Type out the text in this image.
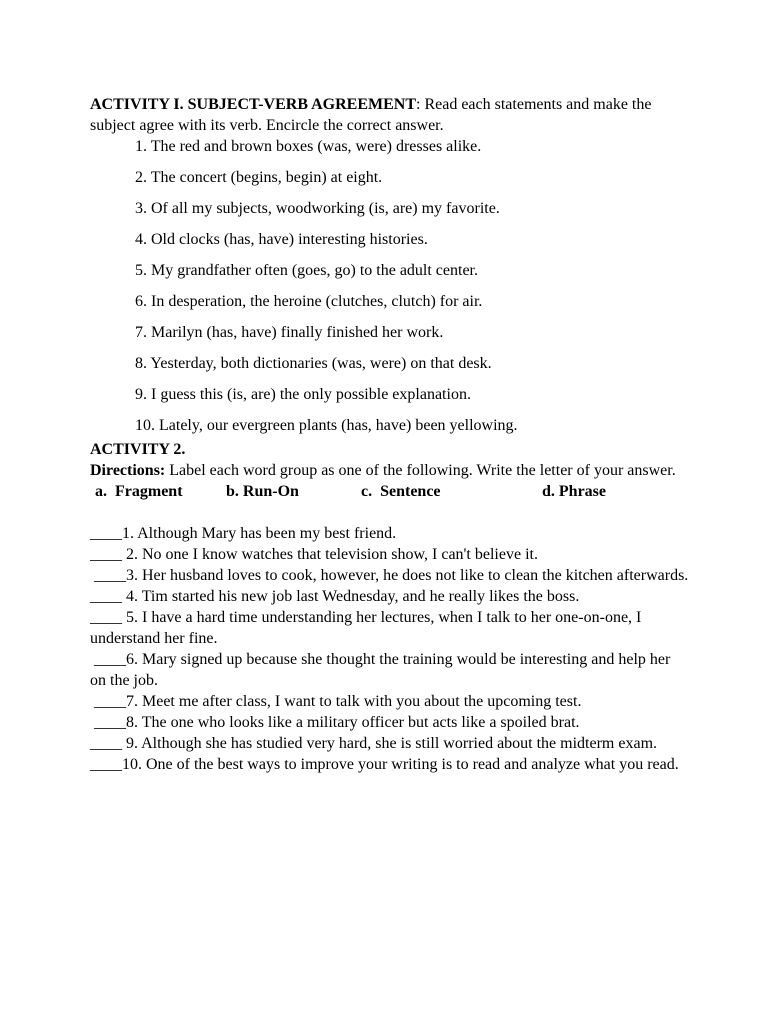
ACTIVITY I. SUBJECT-VERB AGREEMENT: Read each statements and make the subject agree with its verb. Encircle the correct answer.

1. The red and brown boxes (was, were) dresses alike.
2. The concert (begins, begin) at eight.
3. Of all my subjects, woodworking (is, are) my favorite.
4. Old clocks (has, have) interesting histories.
5. My grandfather often (goes, go) to the adult center.
6. In desperation, the heroine (clutches, clutch) for air.
7. Marilyn (has, have) finally finished her work.
8. Yesterday, both dictionaries (was, were) on that desk.
9. I guess this (is, are) the only possible explanation.
10. Lately, our evergreen plants (has, have) been yellowing.

ACTIVITY 2.

Directions: Label each word group as one of the following. Write the letter of your answer.

a.  Fragment	b. Run-On	c.  Sentence	d. Phrase
____1. Although Mary has been my best friend.
____ 2. No one I know watches that television show, I can't believe it.
____3. Her husband loves to cook, however, he does not like to clean the kitchen afterwards.
____ 4. Tim started his new job last Wednesday, and he really likes the boss.
____ 5. I have a hard time understanding her lectures, when I talk to her one-on-one, I understand her fine.
____6. Mary signed up because she thought the training would be interesting and help her on the job.
____7. Meet me after class, I want to talk with you about the upcoming test.
____8. The one who looks like a military officer but acts like a spoiled brat.
____ 9. Although she has studied very hard, she is still worried about the midterm exam.
____10. One of the best ways to improve your writing is to read and analyze what you read.
